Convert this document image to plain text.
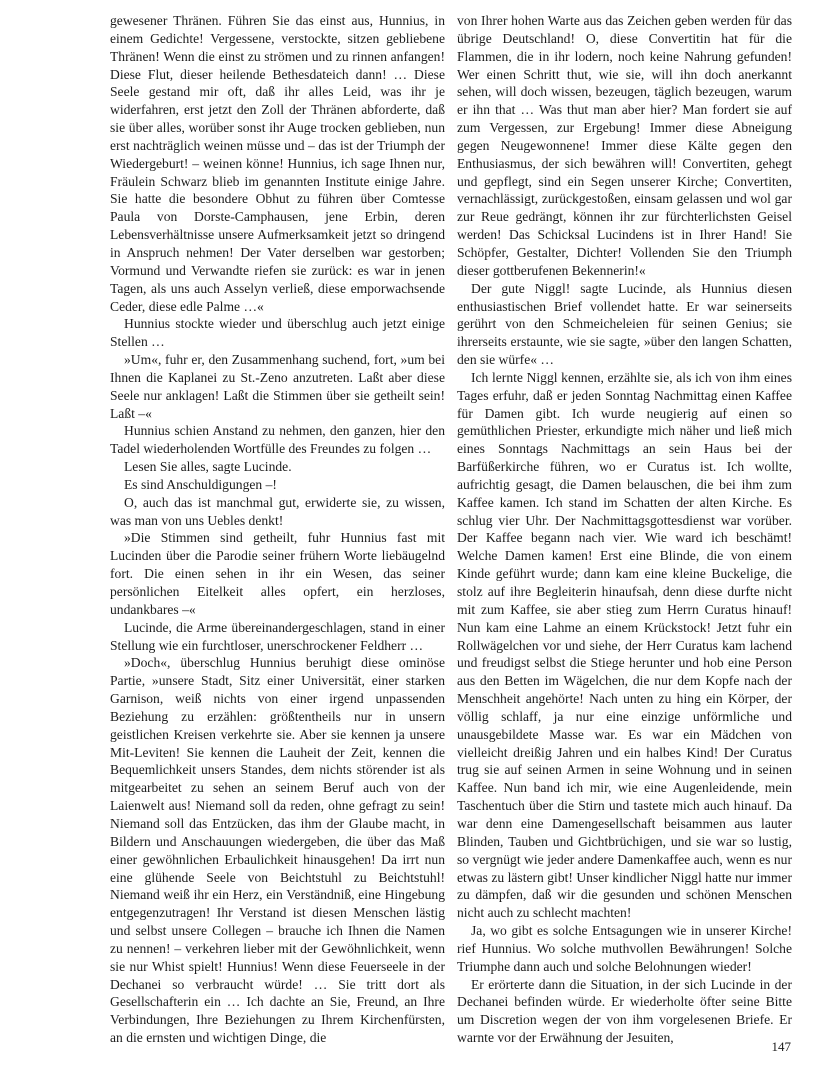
gewesener Thränen. Führen Sie das einst aus, Hunnius, in einem Gedichte! Vergessene, verstockte, sitzen gebliebene Thränen! Wenn die einst zu strömen und zu rinnen anfangen! Diese Flut, dieser heilende Bethesdateich dann! … Diese Seele gestand mir oft, daß ihr alles Leid, was ihr je widerfahren, erst jetzt den Zoll der Thränen abforderte, daß sie über alles, worüber sonst ihr Auge trocken geblieben, nun erst nachträglich weinen müsse und – das ist der Triumph der Wiedergeburt! – weinen könne! Hunnius, ich sage Ihnen nur, Fräulein Schwarz blieb im genannten Institute einige Jahre. Sie hatte die besondere Obhut zu führen über Comtesse Paula von Dorste-Camphausen, jene Erbin, deren Lebensverhältnisse unsere Aufmerksamkeit jetzt so dringend in Anspruch nehmen! Der Vater derselben war gestorben; Vormund und Verwandte riefen sie zurück: es war in jenen Tagen, als uns auch Asselyn verließ, diese emporwachsende Ceder, diese edle Palme …«

Hunnius stockte wieder und überschlug auch jetzt einige Stellen …

»Um«, fuhr er, den Zusammenhang suchend, fort, »um bei Ihnen die Kaplanei zu St.-Zeno anzutreten. Laßt aber diese Seele nur anklagen! Laßt die Stimmen über sie getheilt sein! Laßt –«

Hunnius schien Anstand zu nehmen, den ganzen, hier den Tadel wiederholenden Wortfülle des Freundes zu folgen …

Lesen Sie alles, sagte Lucinde.

Es sind Anschuldigungen –!

O, auch das ist manchmal gut, erwiderte sie, zu wissen, was man von uns Uebles denkt!

»Die Stimmen sind getheilt, fuhr Hunnius fast mit Lucinden über die Parodie seiner frühern Worte liebäugelnd fort. Die einen sehen in ihr ein Wesen, das seiner persönlichen Eitelkeit alles opfert, ein herzloses, undankbares –«

Lucinde, die Arme übereinandergeschlagen, stand in einer Stellung wie ein furchtloser, unerschrockener Feldherr …

»Doch«, überschlug Hunnius beruhigt diese ominöse Partie, »unsere Stadt, Sitz einer Universität, einer starken Garnison, weiß nichts von einer irgend unpassenden Beziehung zu erzählen: größtentheils nur in unsern geistlichen Kreisen verkehrte sie. Aber sie kennen ja unsere Mit-Leviten! Sie kennen die Lauheit der Zeit, kennen die Bequemlichkeit unsers Standes, dem nichts störender ist als mitgearbeitet zu sehen an seinem Beruf auch von der Laienwelt aus! Niemand soll da reden, ohne gefragt zu sein! Niemand soll das Entzücken, das ihm der Glaube macht, in Bildern und Anschauungen wiedergeben, die über das Maß einer gewöhnlichen Erbaulichkeit hinausgehen! Da irrt nun eine glühende Seele von Beichtstuhl zu Beichtstuhl! Niemand weiß ihr ein Herz, ein Verständniß, eine Hingebung entgegenzutragen! Ihr Verstand ist diesen Menschen lästig und selbst unsere Collegen – brauche ich Ihnen die Namen zu nennen! – verkehren lieber mit der Gewöhnlichkeit, wenn sie nur Whist spielt! Hunnius! Wenn diese Feuerseele in der Dechanei so verbraucht würde! … Sie tritt dort als Gesellschafterin ein … Ich dachte an Sie, Freund, an Ihre Verbindungen, Ihre Beziehungen zu Ihrem Kirchenfürsten, an die ernsten und wichtigen Dinge, die

von Ihrer hohen Warte aus das Zeichen geben werden für das übrige Deutschland! O, diese Convertitin hat für die Flammen, die in ihr lodern, noch keine Nahrung gefunden! Wer einen Schritt thut, wie sie, will ihn doch anerkannt sehen, will doch wissen, bezeugen, täglich bezeugen, warum er ihn that … Was thut man aber hier? Man fordert sie auf zum Vergessen, zur Ergebung! Immer diese Abneigung gegen Neugewonnene! Immer diese Kälte gegen den Enthusiasmus, der sich bewähren will! Convertiten, gehegt und gepflegt, sind ein Segen unserer Kirche; Convertiten, vernachlässigt, zurückgestoßen, einsam gelassen und wol gar zur Reue gedrängt, können ihr zur fürchterlichsten Geisel werden! Das Schicksal Lucindens ist in Ihrer Hand! Sie Schöpfer, Gestalter, Dichter! Vollenden Sie den Triumph dieser gottberufenen Bekennerin!«

Der gute Niggl! sagte Lucinde, als Hunnius diesen enthusiastischen Brief vollendet hatte. Er war seinerseits gerührt von den Schmeicheleien für seinen Genius; sie ihrerseits erstaunte, wie sie sagte, »über den langen Schatten, den sie würfe« …

Ich lernte Niggl kennen, erzählte sie, als ich von ihm eines Tages erfuhr, daß er jeden Sonntag Nachmittag einen Kaffee für Damen gibt. Ich wurde neugierig auf einen so gemüthlichen Priester, erkundigte mich näher und ließ mich eines Sonntags Nachmittags an sein Haus bei der Barfüßerkirche führen, wo er Curatus ist. Ich wollte, aufrichtig gesagt, die Damen belauschen, die bei ihm zum Kaffee kamen. Ich stand im Schatten der alten Kirche. Es schlug vier Uhr. Der Nachmittagsgottesdienst war vorüber. Der Kaffee begann nach vier. Wie ward ich beschämt! Welche Damen kamen! Erst eine Blinde, die von einem Kinde geführt wurde; dann kam eine kleine Buckelige, die stolz auf ihre Begleiterin hinaufsah, denn diese durfte nicht mit zum Kaffee, sie aber stieg zum Herrn Curatus hinauf! Nun kam eine Lahme an einem Krückstock! Jetzt fuhr ein Rollwägelchen vor und siehe, der Herr Curatus kam lachend und freudigst selbst die Stiege herunter und hob eine Person aus den Betten im Wägelchen, die nur dem Kopfe nach der Menschheit angehörte! Nach unten zu hing ein Körper, der völlig schlaff, ja nur eine einzige unförmliche und unausgebildete Masse war. Es war ein Mädchen von vielleicht dreißig Jahren und ein halbes Kind! Der Curatus trug sie auf seinen Armen in seine Wohnung und in seinen Kaffee. Nun band ich mir, wie eine Augenleidende, mein Taschentuch über die Stirn und tastete mich auch hinauf. Da war denn eine Damengesellschaft beisammen aus lauter Blinden, Tauben und Gichtbrüchigen, und sie war so lustig, so vergnügt wie jeder andere Damenkaffee auch, wenn es nur etwas zu lästern gibt! Unser kindlicher Niggl hatte nur immer zu dämpfen, daß wir die gesunden und schönen Menschen nicht auch zu schlecht machten!

Ja, wo gibt es solche Entsagungen wie in unserer Kirche! rief Hunnius. Wo solche muthvollen Bewährungen! Solche Triumphe dann auch und solche Belohnungen wieder!

Er erörterte dann die Situation, in der sich Lucinde in der Dechanei befinden würde. Er wiederholte öfter seine Bitte um Discretion wegen der von ihm vorgelesenen Briefe. Er warnte vor der Erwähnung der Jesuiten,

147
